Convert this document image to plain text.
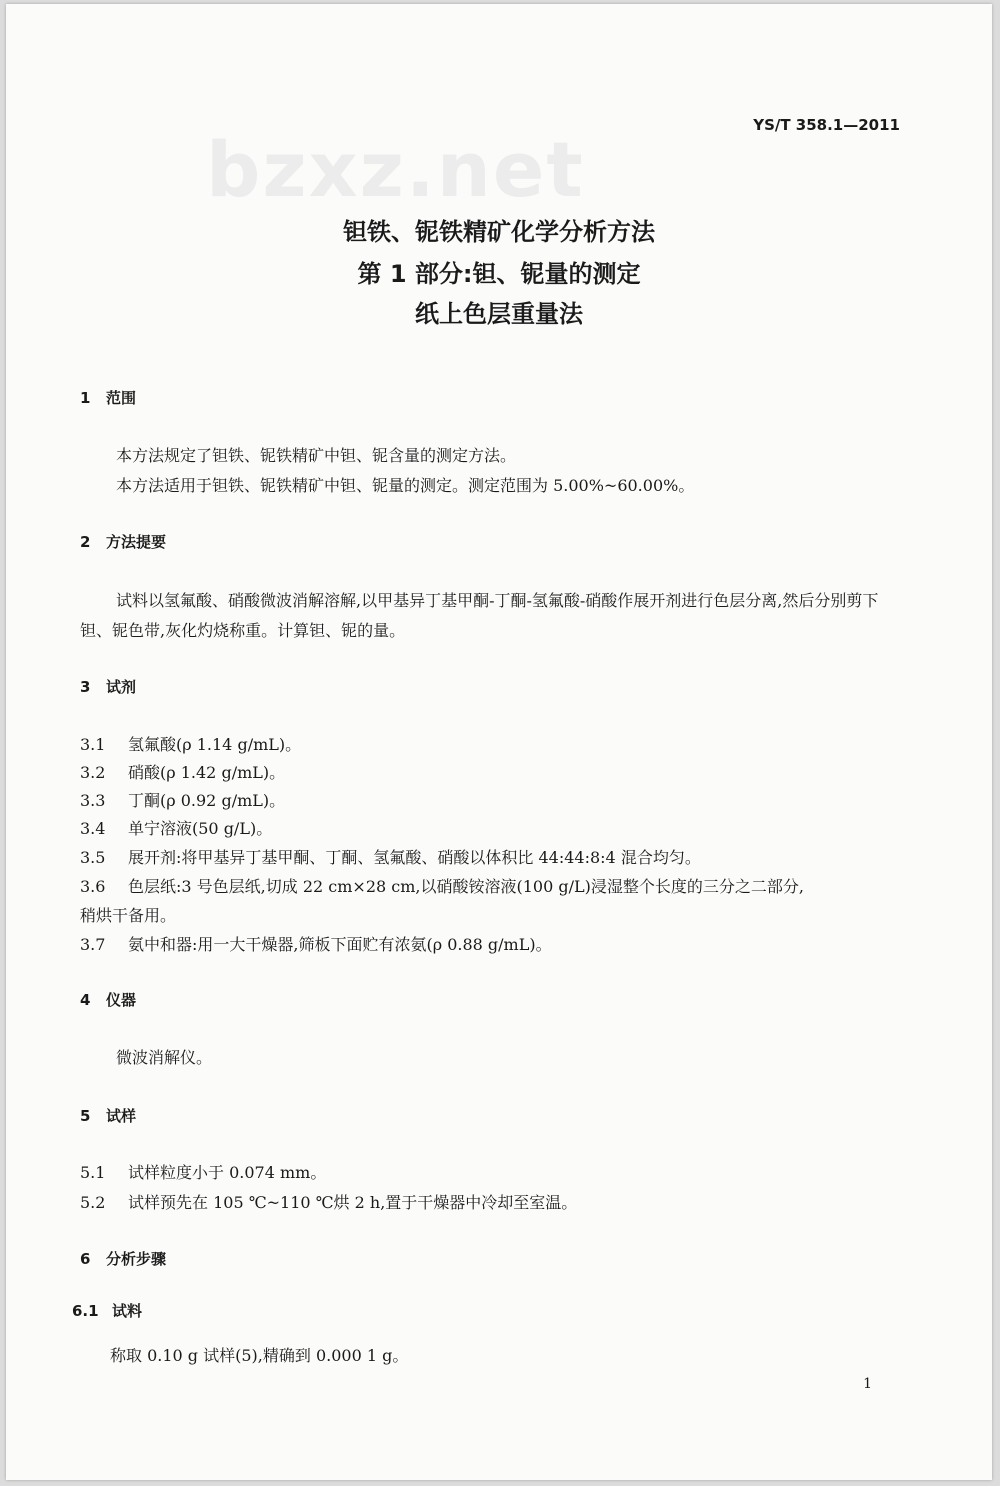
bzxz.net	YS/T 358.1—2011
钽铁、铌铁精矿化学分析方法
第 1 部分:钽、铌量的测定
纸上色层重量法
1 范围
本方法规定了钽铁、铌铁精矿中钽、铌含量的测定方法。
本方法适用于钽铁、铌铁精矿中钽、铌量的测定。测定范围为 5.00%~60.00%。
2 方法提要
试料以氢氟酸、硝酸微波消解溶解,以甲基异丁基甲酮-丁酮-氢氟酸-硝酸作展开剂进行色层分离,然后分别剪下钽、铌色带,灰化灼烧称重。计算钽、铌的量。
3 试剂
3.1 氢氟酸(ρ 1.14 g/mL)。
3.2 硝酸(ρ 1.42 g/mL)。
3.3 丁酮(ρ 0.92 g/mL)。
3.4 单宁溶液(50 g/L)。
3.5 展开剂:将甲基异丁基甲酮、丁酮、氢氟酸、硝酸以体积比 44:44:8:4 混合均匀。
3.6 色层纸:3 号色层纸,切成 22 cm×28 cm,以硝酸铵溶液(100 g/L)浸湿整个长度的三分之二部分,
稍烘干备用。
3.7 氨中和器:用一大干燥器,筛板下面贮有浓氨(ρ 0.88 g/mL)。
4 仪器
微波消解仪。
5 试样
5.1 试样粒度小于 0.074 mm。
5.2 试样预先在 105 ℃~110 ℃烘 2 h,置于干燥器中冷却至室温。
6 分析步骤
6.1 试料
称取 0.10 g 试样(5),精确到 0.000 1 g。
1
